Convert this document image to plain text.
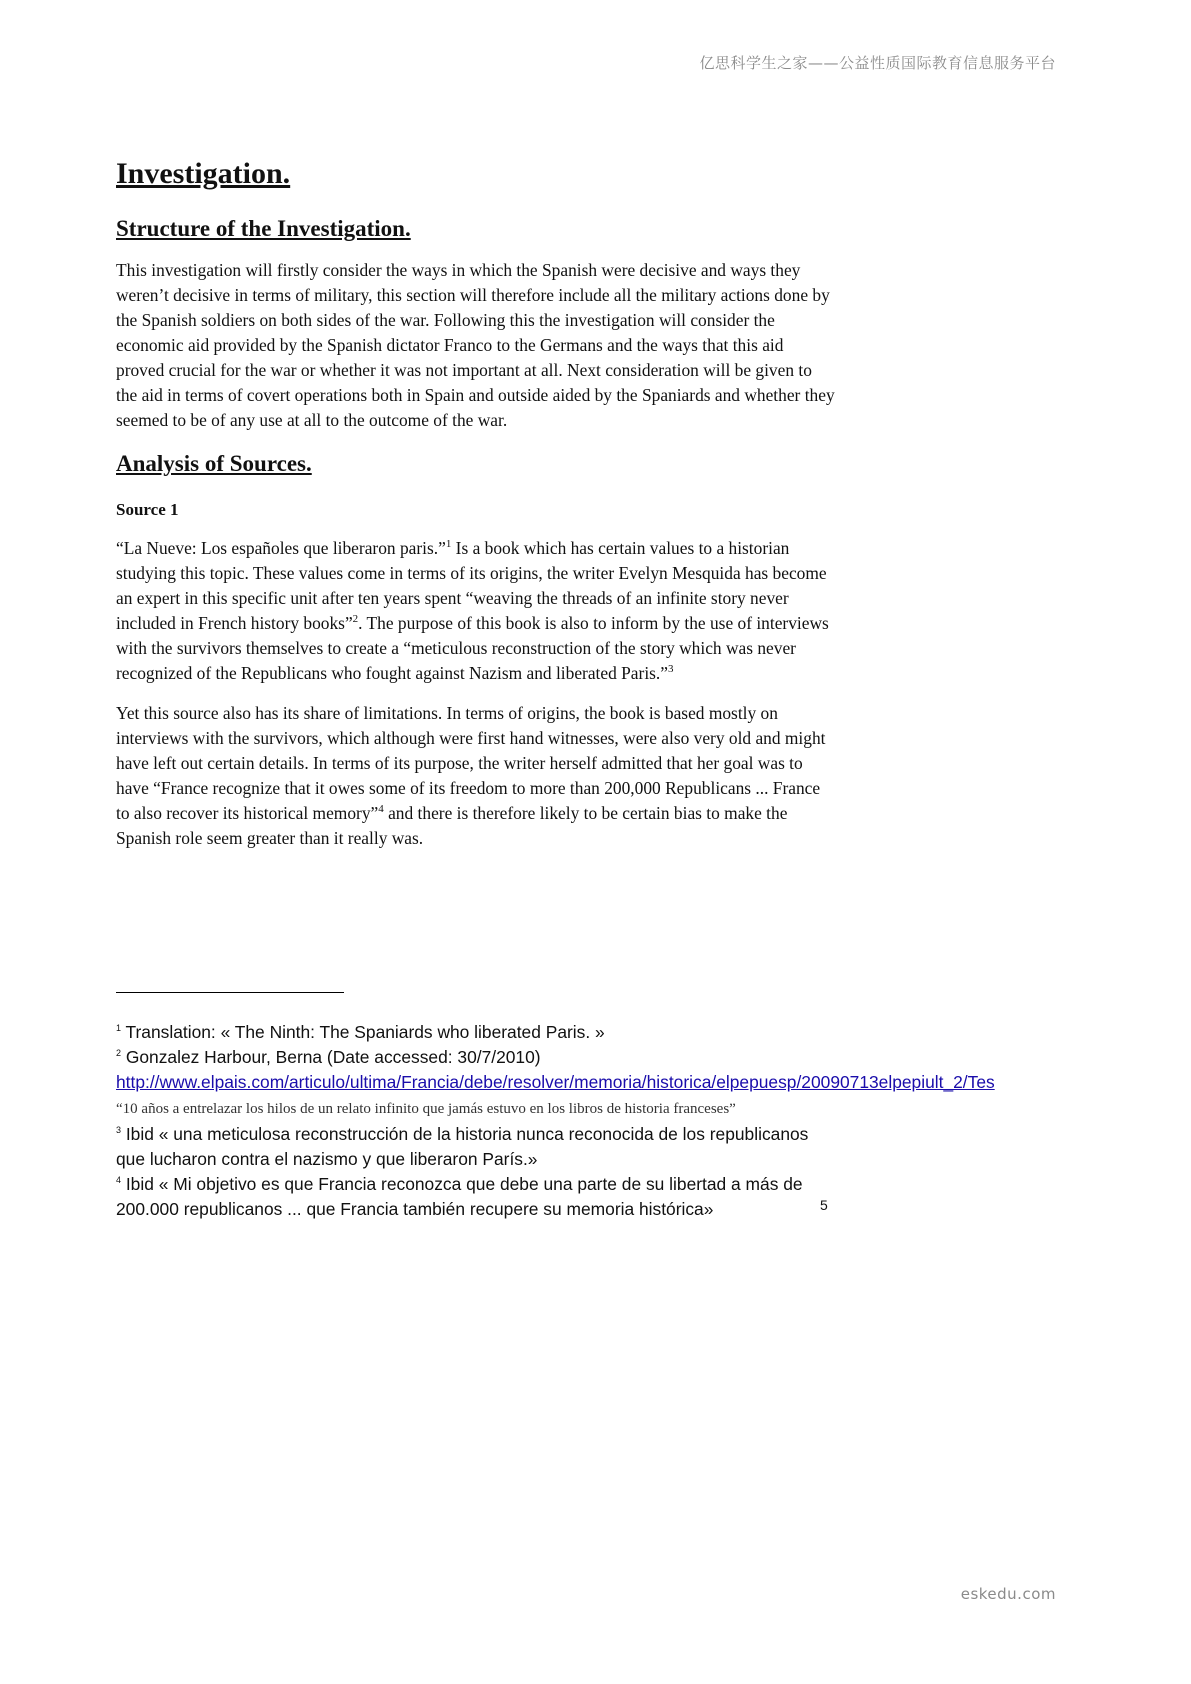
亿思科学生之家——公益性质国际教育信息服务平台
Investigation.
Structure of the Investigation.

This investigation will firstly consider the ways in which the Spanish were decisive and ways they weren’t decisive in terms of military, this section will therefore include all the military actions done by the Spanish soldiers on both sides of the war. Following this the investigation will consider the economic aid provided by the Spanish dictator Franco to the Germans and the ways that this aid proved crucial for the war or whether it was not important at all. Next consideration will be given to the aid in terms of covert operations both in Spain and outside aided by the Spaniards and whether they seemed to be of any use at all to the outcome of the war.

Analysis of Sources.

Source 1

“La Nueve: Los españoles que liberaron paris.”$^1$ Is a book which has certain values to a historian studying this topic. These values come in terms of its origins, the writer Evelyn Mesquida has become an expert in this specific unit after ten years spent “weaving the threads of an infinite story never included in French history books”$^2$. The purpose of this book is also to inform by the use of interviews with the survivors themselves to create a “meticulous reconstruction of the story which was never recognized of the Republicans who fought against Nazism and liberated Paris.”$^3$

Yet this source also has its share of limitations. In terms of origins, the book is based mostly on interviews with the survivors, which although were first hand witnesses, were also very old and might have left out certain details. In terms of its purpose, the writer herself admitted that her goal was to have “France recognize that it owes some of its freedom to more than 200,000 Republicans ... France to also recover its historical memory”$^4$ and there is therefore likely to be certain bias to make the Spanish role seem greater than it really was.

$^1$ Translation: « The Ninth: The Spaniards who liberated Paris. »

$^2$ Gonzalez Harbour, Berna (Date accessed: 30/7/2010)
http://www.elpais.com/articulo/ultima/Francia/debe/resolver/memoria/historica/elpepuesp/20090713elpepiult_2/Tes “10 años a entrelazar los hilos de un relato infinito que jamás estuvo en los libros de historia franceses”

$^3$ Ibid « una meticulosa reconstrucción de la historia nunca reconocida de los republicanos que lucharon contra el nazismo y que liberaron París.»

$^4$ Ibid « Mi objetivo es que Francia reconozca que debe una parte de su libertad a más de 200.000 republicanos ... que Francia también recupere su memoria histórica»	5
eskedu.com
